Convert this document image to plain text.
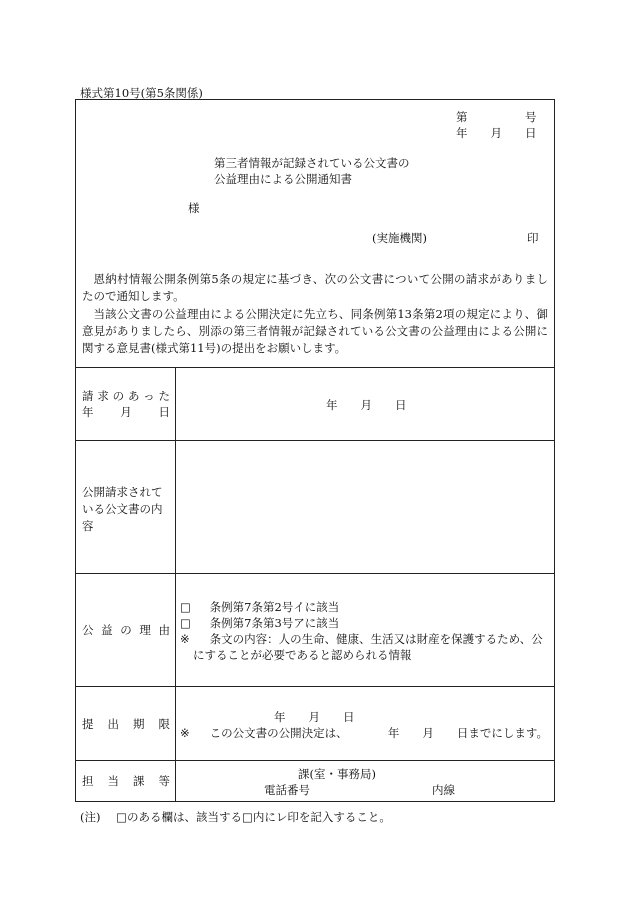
様式第10号(第5条関係)
第　　　　　号
年　　月　　日
第三者情報が記録されている公文書の
公益理由による公開通知書
様
(実施機関)	印
恩納村情報公開条例第5条の規定に基づき、次の公文書について公開の請求がありましたので通知します。
当該公文書の公益理由による公開決定に先立ち、同条例第13条第2項の規定により、御意見がありましたら、別添の第三者情報が記録されている公文書の公益理由による公開に関する意見書(様式第11号)の提出をお願いします。
請求のあった
年　月　日	年　　月　　日
公開請求されている公文書の内容
公益の理由
□ 条例第7条第2号イに該当
□ 条例第7条第3号アに該当
※ 条文の内容：人の生命、健康、生活又は財産を保護するため、公
にすることが必要であると認められる情報
提出期限	年　　月　　日
※ この公文書の公開決定は、　　　　年　　月　　日までにします。
担当課等	課(室・事務局)
電話番号	内線
(注) □のある欄は、該当する□内にレ印を記入すること。
